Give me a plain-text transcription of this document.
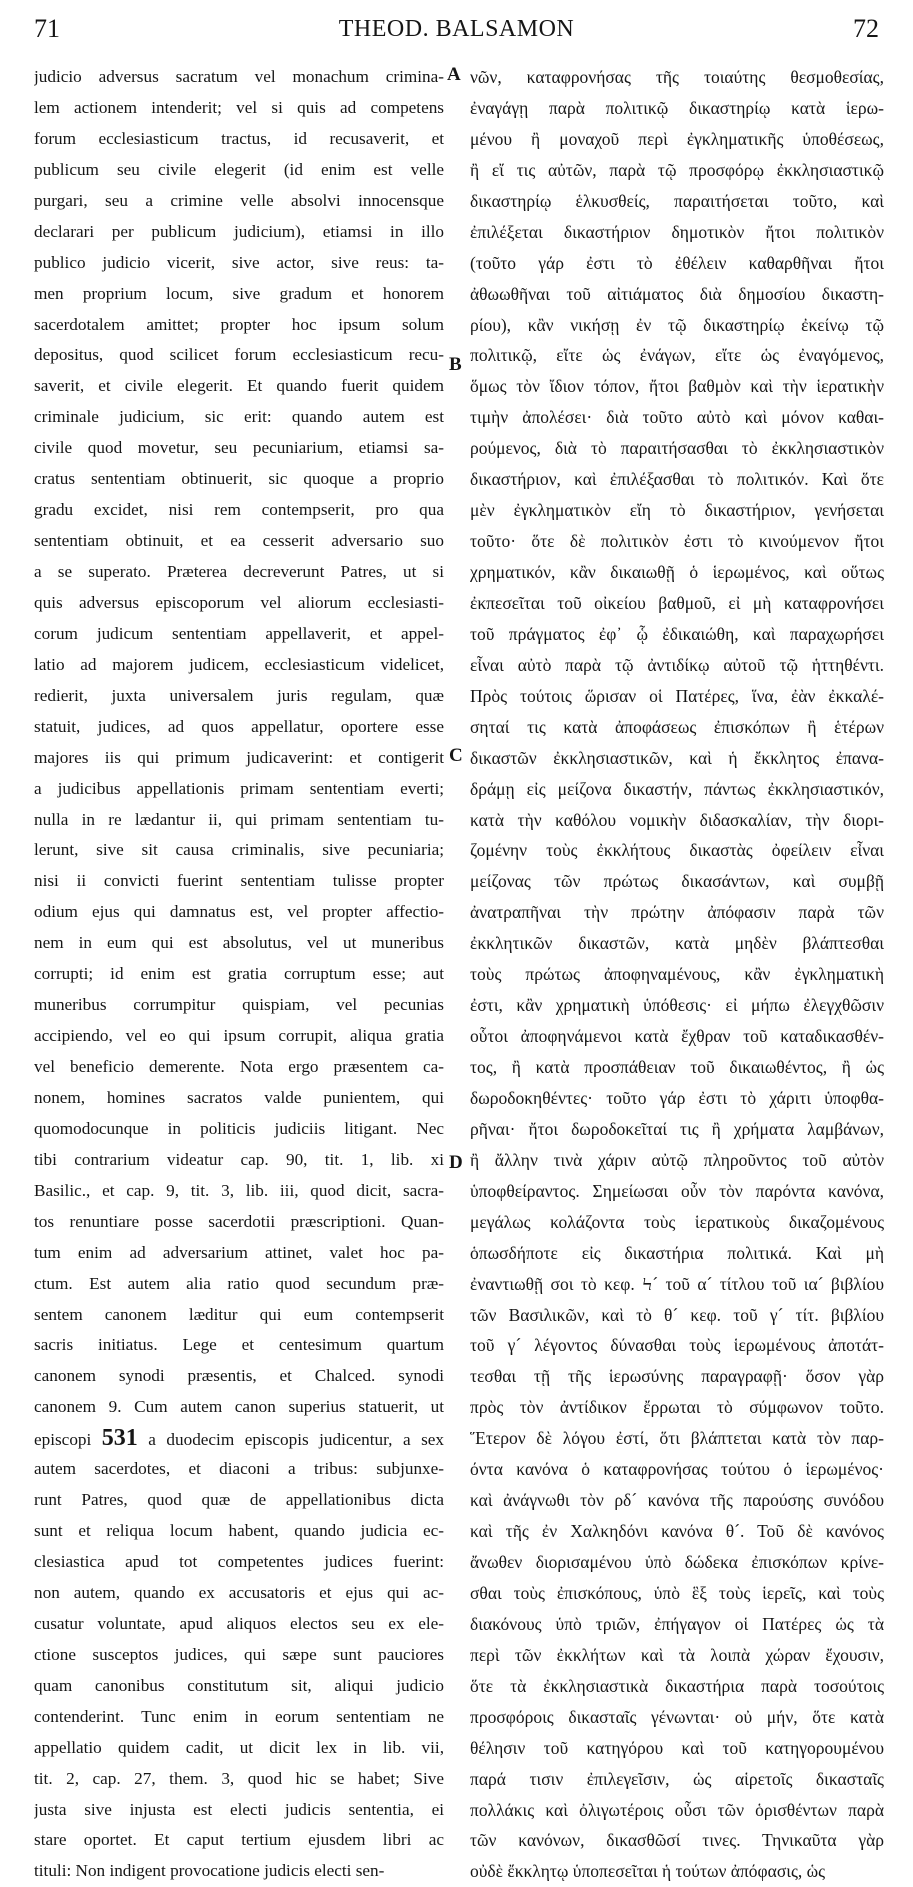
71	THEOD. BALSAMON	72
judicio adversus sacratum vel monachum crimina-
lem actionem intenderit; vel si quis ad competens
forum ecclesiasticum tractus, id recusaverit, et
publicum seu civile elegerit (id enim est velle
purgari, seu a crimine velle absolvi innocensque
declarari per publicum judicium), etiamsi in illo
publico judicio vicerit, sive actor, sive reus: ta-
men proprium locum, sive gradum et honorem
sacerdotalem amittet; propter hoc ipsum solum
depositus, quod scilicet forum ecclesiasticum recu-
saverit, et civile elegerit. Et quando fuerit quidem
criminale judicium, sic erit: quando autem est
civile quod movetur, seu pecuniarium, etiamsi sa-
cratus sententiam obtinuerit, sic quoque a proprio
gradu excidet, nisi rem contempserit, pro qua
sententiam obtinuit, et ea cesserit adversario suo
a se superato. Præterea decreverunt Patres, ut si
quis adversus episcoporum vel aliorum ecclesiasti-
corum judicum sententiam appellaverit, et appel-
latio ad majorem judicem, ecclesiasticum videlicet,
redierit, juxta universalem juris regulam, quæ
statuit, judices, ad quos appellatur, oportere esse
majores iis qui primum judicaverint: et contigerit
a judicibus appellationis primam sententiam everti;
nulla in re lædantur ii, qui primam sententiam tu-
lerunt, sive sit causa criminalis, sive pecuniaria;
nisi ii convicti fuerint sententiam tulisse propter
odium ejus qui damnatus est, vel propter affectio-
nem in eum qui est absolutus, vel ut muneribus
corrupti; id enim est gratia corruptum esse; aut
muneribus corrumpitur quispiam, vel pecunias
accipiendo, vel eo qui ipsum corrupit, aliqua gratia
vel beneficio demerente. Nota ergo præsentem ca-
nonem, homines sacratos valde punientem, qui
quomodocunque in politicis judiciis litigant. Nec
tibi contrarium videatur cap. 90, tit. 1, lib. xi
Basilic., et cap. 9, tit. 3, lib. iii, quod dicit, sacra-
tos renuntiare posse sacerdotii præscriptioni. Quan-
tum enim ad adversarium attinet, valet hoc pa-
ctum. Est autem alia ratio quod secundum præ-
sentem canonem læditur qui eum contempserit
sacris initiatus. Lege et centesimum quartum
canonem synodi præsentis, et Chalced. synodi
canonem 9. Cum autem canon superius statuerit, ut
episcopi 531 a duodecim episcopis judicentur, a sex
autem sacerdotes, et diaconi a tribus: subjunxe-
runt Patres, quod quæ de appellationibus dicta
sunt et reliqua locum habent, quando judicia ec-
clesiastica apud tot competentes judices fuerint:
non autem, quando ex accusatoris et ejus qui ac-
cusatur voluntate, apud aliquos electos seu ex ele-
ctione susceptos judices, qui sæpe sunt pauciores
quam canonibus constitutum sit, aliqui judicio
contenderint. Tunc enim in eorum sententiam ne
appellatio quidem cadit, ut dicit lex in lib. vii,
tit. 2, cap. 27, them. 3, quod hic se habet; Sive
justa sive injusta est electi judicis sententia, ei
stare oportet. Et caput tertium ejusdem libri ac
tituli: Non indigent provocatione judicis electi sen-
νῶν, καταφρονήσας τῆς τοιαύτης θεσμοθεσίας,
ἐναγάγῃ παρὰ πολιτικῷ δικαστηρίῳ κατὰ ἱερω-
μένου ἢ μοναχοῦ περὶ ἐγκληματικῆς ὑποθέσεως,
ἢ εἴ τις αὐτῶν, παρὰ τῷ προσφόρῳ ἐκκλησιαστικῷ
δικαστηρίῳ ἑλκυσθείς, παραιτήσεται τοῦτο, καὶ
ἐπιλέξεται δικαστήριον δημοτικὸν ἤτοι πολιτικὸν
(τοῦτο γάρ ἐστι τὸ ἐθέλειν καθαρθῆναι ἤτοι
ἀθωωθῆναι τοῦ αἰτιάματος διὰ δημοσίου δικαστη-
ρίου), κἂν νικήσῃ ἐν τῷ δικαστηρίῳ ἐκείνῳ τῷ
πολιτικῷ, εἴτε ὡς ἐνάγων, εἴτε ὡς ἐναγόμενος,
ὅμως τὸν ἴδιον τόπον, ἤτοι βαθμὸν καὶ τὴν ἱερατικὴν
τιμὴν ἀπολέσει· διὰ τοῦτο αὐτὸ καὶ μόνον καθαι-
ρούμενος, διὰ τὸ παραιτήσασθαι τὸ ἐκκλησιαστικὸν
δικαστήριον, καὶ ἐπιλέξασθαι τὸ πολιτικόν. Καὶ ὅτε
μὲν ἐγκληματικὸν εἴη τὸ δικαστήριον, γενήσεται
τοῦτο· ὅτε δὲ πολιτικὸν ἐστι τὸ κινούμενον ἤτοι
χρηματικόν, κἂν δικαιωθῇ ὁ ἱερωμένος, καὶ οὕτως
ἐκπεσεῖται τοῦ οἰκείου βαθμοῦ, εἰ μὴ καταφρονήσει
τοῦ πράγματος ἐφ᾽ ᾧ ἐδικαιώθη, καὶ παραχωρήσει
εἶναι αὐτὸ παρὰ τῷ ἀντιδίκῳ αὐτοῦ τῷ ἡττηθέντι.
Πρὸς τούτοις ὥρισαν οἱ Πατέρες, ἵνα, ἐὰν ἐκκαλέ-
σηταί τις κατὰ ἀποφάσεως ἐπισκόπων ἢ ἑτέρων
δικαστῶν ἐκκλησιαστικῶν, καὶ ἡ ἔκκλητος ἐπανα-
δράμῃ εἰς μείζονα δικαστήν, πάντως ἐκκλησιαστικόν,
κατὰ τὴν καθόλου νομικὴν διδασκαλίαν, τὴν διορι-
ζομένην τοὺς ἐκκλήτους δικαστὰς ὀφείλειν εἶναι
μείζονας τῶν πρώτως δικασάντων, καὶ συμβῇ
ἀνατραπῆναι τὴν πρώτην ἀπόφασιν παρὰ τῶν
ἐκκλητικῶν δικαστῶν, κατὰ μηδὲν βλάπτεσθαι
τοὺς πρώτως ἀποφηναμένους, κἂν ἐγκληματικὴ
ἐστι, κἂν χρηματικὴ ὑπόθεσις· εἰ μήπω ἐλεγχθῶσιν
οὗτοι ἀποφηνάμενοι κατὰ ἔχθραν τοῦ καταδικασθέν-
τος, ἢ κατὰ προσπάθειαν τοῦ δικαιωθέντος, ἢ ὡς
δωροδοκηθέντες· τοῦτο γάρ ἐστι τὸ χάριτι ὑποφθα-
ρῆναι· ἤτοι δωροδοκεῖταί τις ἢ χρήματα λαμβάνων,
ἢ ἄλλην τινὰ χάριν αὐτῷ πληροῦντος τοῦ αὐτὸν
ὑποφθείραντος. Σημείωσαι οὖν τὸν παρόντα κανόνα,
μεγάλως κολάζοντα τοὺς ἱερατικοὺς δικαζομένους
ὁπωσδήποτε εἰς δικαστήρια πολιτικά. Καὶ μὴ
ἐναντιωθῇ σοι τὸ κεφ. Ϟ´ τοῦ α´ τίτλου τοῦ ια´ βιβλίου
τῶν Βασιλικῶν, καὶ τὸ θ´ κεφ. τοῦ γ´ τίτ. βιβλίου
τοῦ γ´ λέγοντος δύνασθαι τοὺς ἱερωμένους ἀποτάτ-
τεσθαι τῇ τῆς ἱερωσύνης παραγραφῇ· ὅσον γὰρ
πρὸς τὸν ἀντίδικον ἔρρωται τὸ σύμφωνον τοῦτο.
Ἕτερον δὲ λόγου ἐστί, ὅτι βλάπτεται κατὰ τὸν παρ-
όντα κανόνα ὁ καταφρονήσας τούτου ὁ ἱερωμένος·
καὶ ἀνάγνωθι τὸν ρδ´ κανόνα τῆς παρούσης συνόδου
καὶ τῆς ἐν Χαλκηδόνι κανόνα θ´. Τοῦ δὲ κανόνος
ἄνωθεν διορισαμένου ὑπὸ δώδεκα ἐπισκόπων κρίνε-
σθαι τοὺς ἐπισκόπους, ὑπὸ ἓξ τοὺς ἱερεῖς, καὶ τοὺς
διακόνους ὑπὸ τριῶν, ἐπήγαγον οἱ Πατέρες ὡς τὰ
περὶ τῶν ἐκκλήτων καὶ τὰ λοιπὰ χώραν ἔχουσιν,
ὅτε τὰ ἐκκλησιαστικὰ δικαστήρια παρὰ τοσούτοις
προσφόροις δικασταῖς γένωνται· οὐ μήν, ὅτε κατὰ
θέλησιν τοῦ κατηγόρου καὶ τοῦ κατηγορουμένου
παρά τισιν ἐπιλεγεῖσιν, ὡς αἱρετοῖς δικασταῖς
πολλάκις καὶ ὀλιγωτέροις οὖσι τῶν ὁρισθέντων παρὰ
τῶν κανόνων, δικασθῶσί τινες. Τηνικαῦτα γὰρ
οὐδὲ ἔκκλητῳ ὑποπεσεῖται ἡ τούτων ἀπόφασις, ὡς
A
B
C
D
